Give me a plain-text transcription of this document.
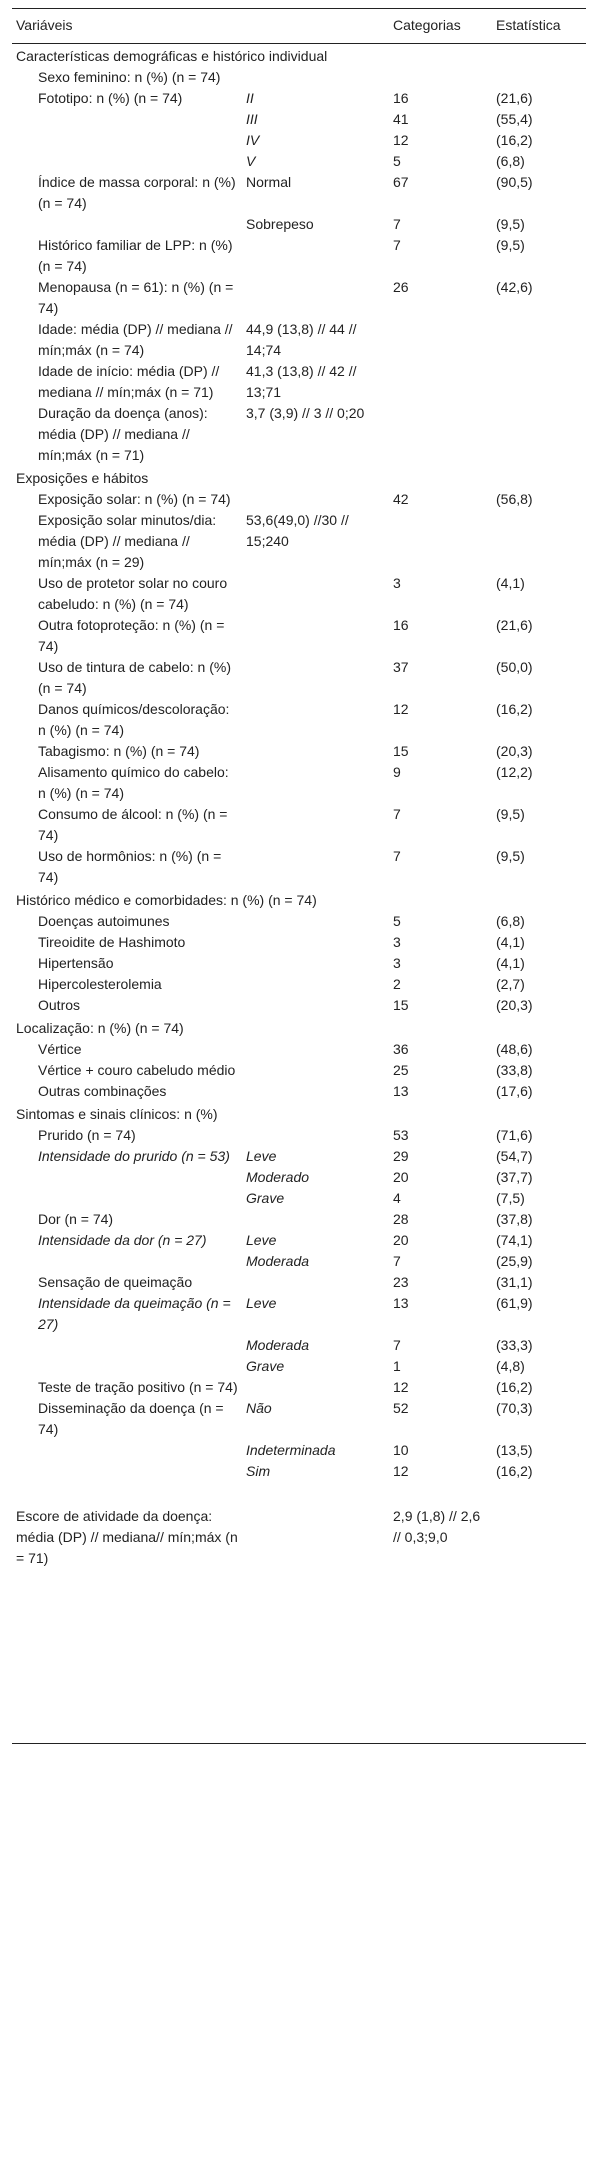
Variáveis		Categorias	Estatística
Características demográficas e histórico individual			
Sexo feminino: n (%) (n = 74)			
Fototipo: n (%) (n = 74)	II	16	(21,6)
	III	41	(55,4)
	IV	12	(16,2)
	V	5	(6,8)
Índice de massa corporal: n (%) (n = 74)	Normal	67	(90,5)
	Sobrepeso	7	(9,5)
Histórico familiar de LPP: n (%) (n = 74)		7	(9,5)
Menopausa (n = 61): n (%) (n = 74)		26	(42,6)
Idade: média (DP) // mediana // mín;máx (n = 74)	44,9 (13,8) // 44 // 14;74		
Idade de início: média (DP) // mediana // mín;máx (n = 71)	41,3 (13,8) // 42 // 13;71		
Duração da doença (anos): média (DP) // mediana // mín;máx (n = 71)	3,7 (3,9) // 3 // 0;20		
Exposições e hábitos			
Exposição solar: n (%) (n = 74)		42	(56,8)
Exposição solar minutos/dia: média (DP) // mediana // mín;máx (n = 29)	53,6(49,0) //30 // 15;240		
Uso de protetor solar no couro cabeludo: n (%) (n = 74)		3	(4,1)
Outra fotoproteção: n (%) (n = 74)		16	(21,6)
Uso de tintura de cabelo: n (%) (n = 74)		37	(50,0)
Danos químicos/descoloração: n (%) (n = 74)		12	(16,2)
Tabagismo: n (%) (n = 74)		15	(20,3)
Alisamento químico do cabelo: n (%) (n = 74)		9	(12,2)
Consumo de álcool: n (%) (n = 74)		7	(9,5)
Uso de hormônios: n (%) (n = 74)		7	(9,5)
Histórico médico e comorbidades: n (%) (n = 74)			
Doenças autoimunes		5	(6,8)
Tireoidite de Hashimoto		3	(4,1)
Hipertensão		3	(4,1)
Hipercolesterolemia		2	(2,7)
Outros		15	(20,3)
Localização: n (%) (n = 74)			
Vértice		36	(48,6)
Vértice + couro cabeludo médio		25	(33,8)
Outras combinações		13	(17,6)
Sintomas e sinais clínicos: n (%)			
Prurido (n = 74)		53	(71,6)
Intensidade do prurido (n = 53)	Leve	29	(54,7)
	Moderado	20	(37,7)
	Grave	4	(7,5)
Dor (n = 74)		28	(37,8)
Intensidade da dor (n = 27)	Leve	20	(74,1)
	Moderada	7	(25,9)
Sensação de queimação		23	(31,1)
Intensidade da queimação (n = 27)	Leve	13	(61,9)
	Moderada	7	(33,3)
	Grave	1	(4,8)
Teste de tração positivo (n = 74)		12	(16,2)
Disseminação da doença (n = 74)	Não	52	(70,3)
	Indeterminada	10	(13,5)
	Sim	12	(16,2)
Escore de atividade da doença: média (DP) // mediana// mín;máx (n = 71)		2,9 (1,8) // 2,6 // 0,3;9,0	
